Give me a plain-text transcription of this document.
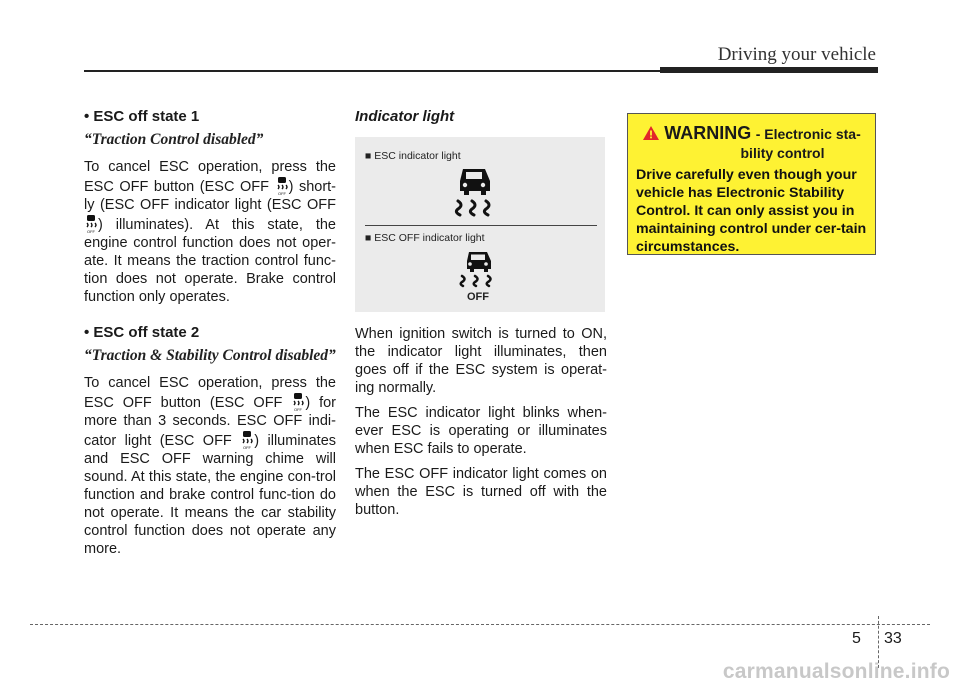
Driving your vehicle
• ESC off state 1
“Traction Control disabled”

To cancel ESC operation, press the ESC OFF button (ESC OFF OFF ) short-ly (ESC OFF indicator light (ESC OFF
OFF ) illuminates). At this state, the engine control function does not oper-ate. It means the traction control func-tion does not operate. Brake control function only operates.

• ESC off state 2
“Traction & Stability Control disabled”

To cancel ESC operation, press the ESC OFF button (ESC OFF	OFF ) for more than 3 seconds. ESC OFF indi-cator light (ESC OFF	OFF ) illuminates and ESC OFF warning chime will sound. At this state, the engine con-trol function and brake control func-tion do not operate. It means the car stability control function does not operate any more.

Indicator light
■ ESC indicator light
■ ESC OFF indicator light
OFF

When ignition switch is turned to ON, the indicator light illuminates, then goes off if the ESC system is operat-ing normally.

The ESC indicator light blinks when-ever ESC is operating or illuminates when ESC fails to operate.

The ESC OFF indicator light comes on when the ESC is turned off with the button.

WARNING - Electronic sta-
bility control
Drive carefully even though your vehicle has Electronic Stability Control. It can only assist you in maintaining control under cer-tain circumstances.
5 33
carmanualsonline.info
